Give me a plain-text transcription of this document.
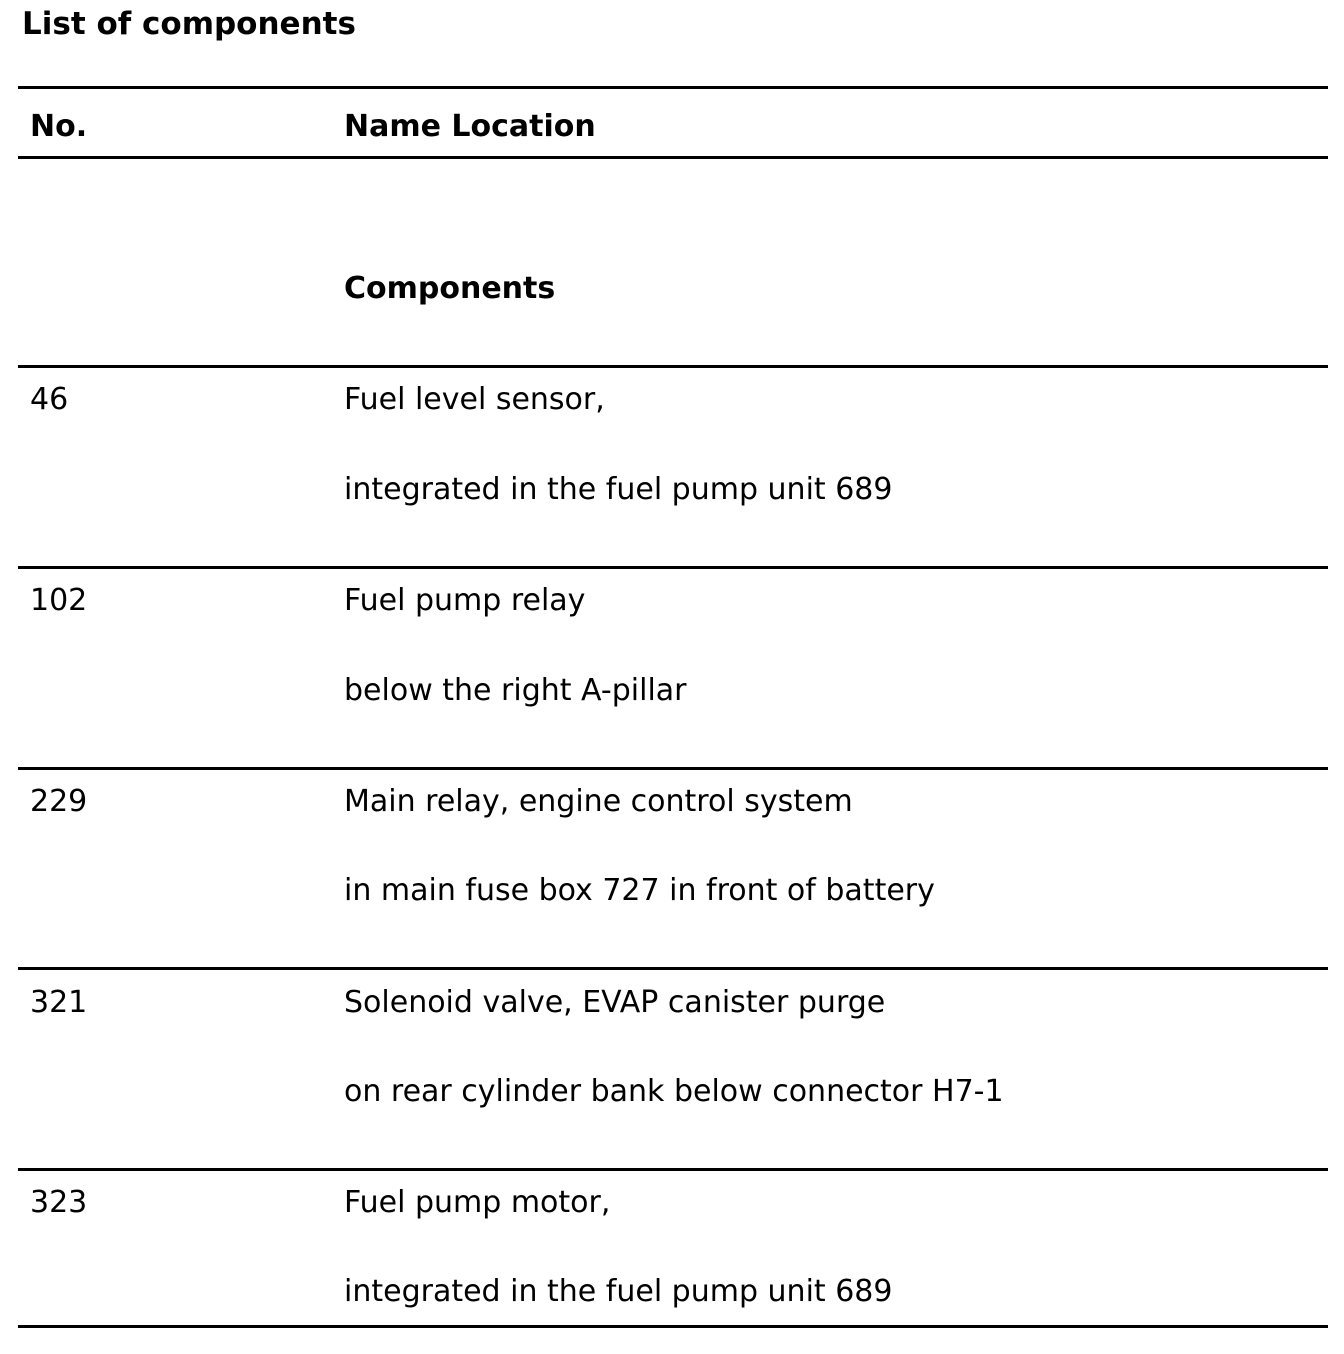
List of components
No.	Name Location
Components
46	Fuel level sensor,
integrated in the fuel pump unit 689
102	Fuel pump relay
below the right A-pillar
229	Main relay, engine control system
in main fuse box 727 in front of battery
321	Solenoid valve, EVAP canister purge
on rear cylinder bank below connector H7-1
323	Fuel pump motor,
integrated in the fuel pump unit 689
